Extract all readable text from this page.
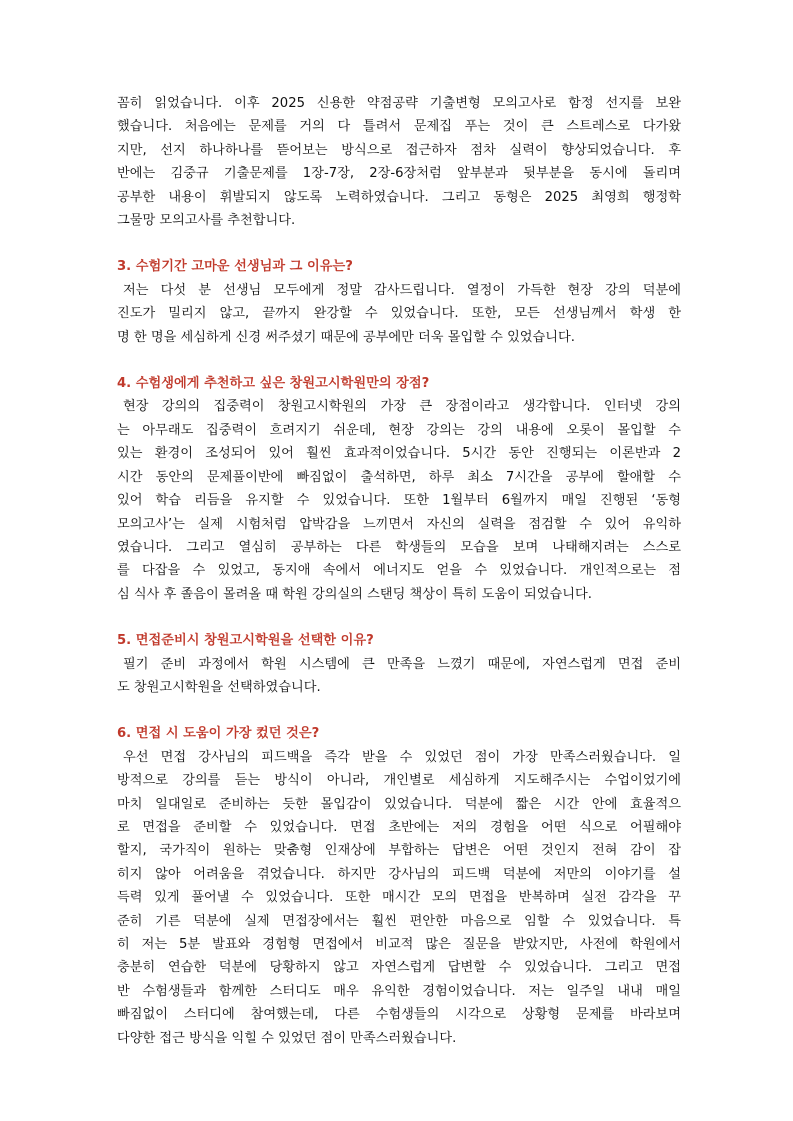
꼼히 읽었습니다. 이후 2025 신용한 약점공략 기출변형 모의고사로 함정 선지를 보완
했습니다. 처음에는 문제를 거의 다 틀려서 문제집 푸는 것이 큰 스트레스로 다가왔
지만, 선지 하나하나를 뜯어보는 방식으로 접근하자 점차 실력이 향상되었습니다. 후
반에는 김중규 기출문제를 1장-7장, 2장-6장처럼 앞부분과 뒷부분을 동시에 돌리며
공부한 내용이 휘발되지 않도록 노력하였습니다. 그리고 동형은 2025 최영희 행정학
그물망 모의고사를 추천합니다.

3. 수험기간 고마운 선생님과 그 이유는?

저는 다섯 분 선생님 모두에게 정말 감사드립니다. 열정이 가득한 현장 강의 덕분에
진도가 밀리지 않고, 끝까지 완강할 수 있었습니다. 또한, 모든 선생님께서 학생 한
명 한 명을 세심하게 신경 써주셨기 때문에 공부에만 더욱 몰입할 수 있었습니다.

4. 수험생에게 추천하고 싶은 창원고시학원만의 장점?

현장 강의의 집중력이 창원고시학원의 가장 큰 장점이라고 생각합니다. 인터넷 강의
는 아무래도 집중력이 흐려지기 쉬운데, 현장 강의는 강의 내용에 오롯이 몰입할 수
있는 환경이 조성되어 있어 훨씬 효과적이었습니다. 5시간 동안 진행되는 이론반과 2
시간 동안의 문제풀이반에 빠짐없이 출석하면, 하루 최소 7시간을 공부에 할애할 수
있어 학습 리듬을 유지할 수 있었습니다. 또한 1월부터 6월까지 매일 진행된 ‘동형
모의고사’는 실제 시험처럼 압박감을 느끼면서 자신의 실력을 점검할 수 있어 유익하
였습니다. 그리고 열심히 공부하는 다른 학생들의 모습을 보며 나태해지려는 스스로
를 다잡을 수 있었고, 동지애 속에서 에너지도 얻을 수 있었습니다. 개인적으로는 점
심 식사 후 졸음이 몰려올 때 학원 강의실의 스탠딩 책상이 특히 도움이 되었습니다.

5. 면접준비시 창원고시학원을 선택한 이유?

필기 준비 과정에서 학원 시스템에 큰 만족을 느꼈기 때문에, 자연스럽게 면접 준비
도 창원고시학원을 선택하였습니다.

6. 면접 시 도움이 가장 컸던 것은?

우선 면접 강사님의 피드백을 즉각 받을 수 있었던 점이 가장 만족스러웠습니다. 일
방적으로 강의를 듣는 방식이 아니라, 개인별로 세심하게 지도해주시는 수업이었기에
마치 일대일로 준비하는 듯한 몰입감이 있었습니다. 덕분에 짧은 시간 안에 효율적으
로 면접을 준비할 수 있었습니다. 면접 초반에는 저의 경험을 어떤 식으로 어필해야
할지, 국가직이 원하는 맞춤형 인재상에 부합하는 답변은 어떤 것인지 전혀 감이 잡
히지 않아 어려움을 겪었습니다. 하지만 강사님의 피드백 덕분에 저만의 이야기를 설
득력 있게 풀어낼 수 있었습니다. 또한 매시간 모의 면접을 반복하며 실전 감각을 꾸
준히 기른 덕분에 실제 면접장에서는 훨씬 편안한 마음으로 임할 수 있었습니다. 특
히 저는 5분 발표와 경험형 면접에서 비교적 많은 질문을 받았지만, 사전에 학원에서
충분히 연습한 덕분에 당황하지 않고 자연스럽게 답변할 수 있었습니다. 그리고 면접
반 수험생들과 함께한 스터디도 매우 유익한 경험이었습니다. 저는 일주일 내내 매일
빠짐없이 스터디에 참여했는데, 다른 수험생들의 시각으로 상황형 문제를 바라보며
다양한 접근 방식을 익힐 수 있었던 점이 만족스러웠습니다.
